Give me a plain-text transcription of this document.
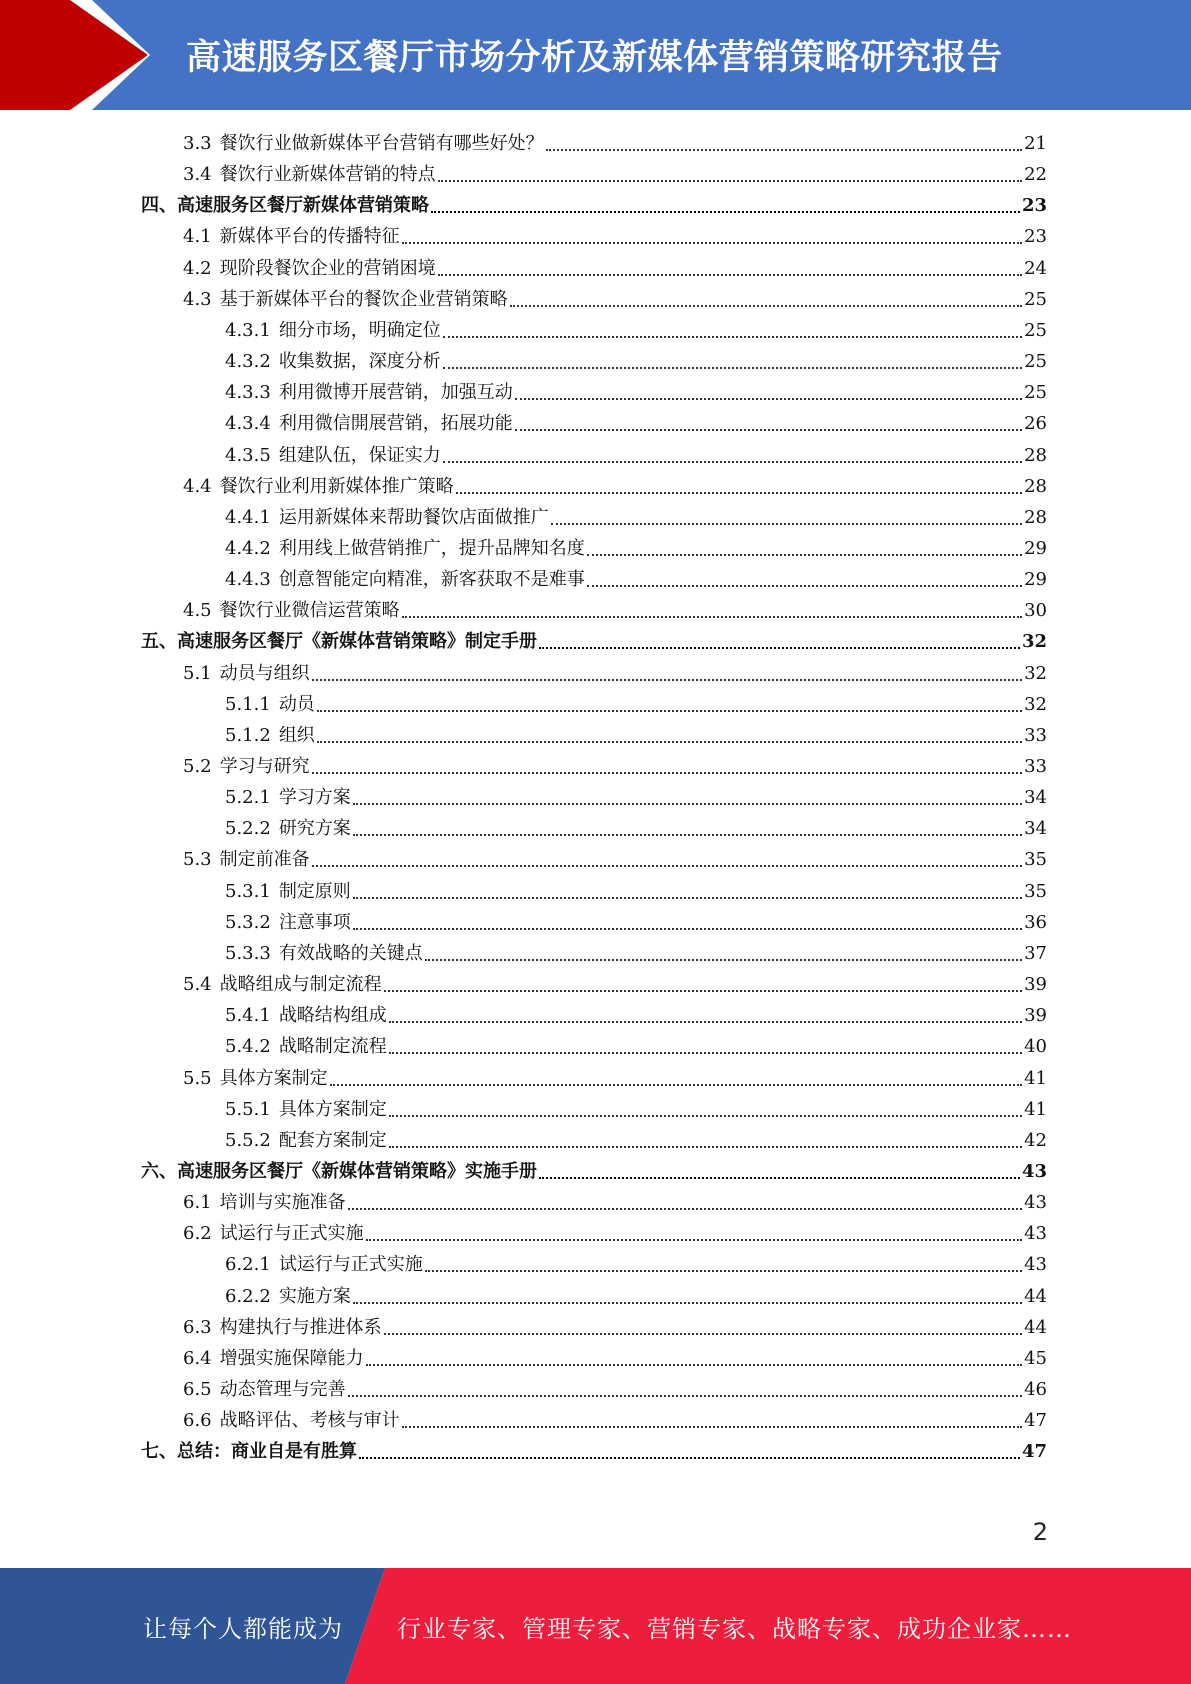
高速服务区餐厅市场分析及新媒体营销策略研究报告
3.3 餐饮行业做新媒体平台营销有哪些好处？	21
3.4 餐饮行业新媒体营销的特点	22
四、高速服务区餐厅新媒体营销策略	23
4.1 新媒体平台的传播特征	23
4.2 现阶段餐饮企业的营销困境	24
4.3 基于新媒体平台的餐饮企业营销策略	25
4.3.1 细分市场，明确定位	25
4.3.2 收集数据，深度分析	25
4.3.3 利用微博开展营销，加强互动	25
4.3.4 利用微信開展营销，拓展功能	26
4.3.5 组建队伍，保证实力	28
4.4 餐饮行业利用新媒体推广策略	28
4.4.1 运用新媒体来帮助餐饮店面做推广	28
4.4.2 利用线上做营销推广，提升品牌知名度	29
4.4.3 创意智能定向精准，新客获取不是难事	29
4.5 餐饮行业微信运营策略	30
五、高速服务区餐厅《新媒体营销策略》制定手册	32
5.1 动员与组织	32
5.1.1 动员	32
5.1.2 组织	33
5.2 学习与研究	33
5.2.1 学习方案	34
5.2.2 研究方案	34
5.3 制定前准备	35
5.3.1 制定原则	35
5.3.2 注意事项	36
5.3.3 有效战略的关键点	37
5.4 战略组成与制定流程	39
5.4.1 战略结构组成	39
5.4.2 战略制定流程	40
5.5 具体方案制定	41
5.5.1 具体方案制定	41
5.5.2 配套方案制定	42
六、高速服务区餐厅《新媒体营销策略》实施手册	43
6.1 培训与实施准备	43
6.2 试运行与正式实施	43
6.2.1 试运行与正式实施	43
6.2.2 实施方案	44
6.3 构建执行与推进体系	44
6.4 增强实施保障能力	45
6.5 动态管理与完善	46
6.6 战略评估、考核与审计	47
七、总结：商业自是有胜算	47
2
让每个人都能成为 行业专家、管理专家、营销专家、战略专家、成功企业家……
